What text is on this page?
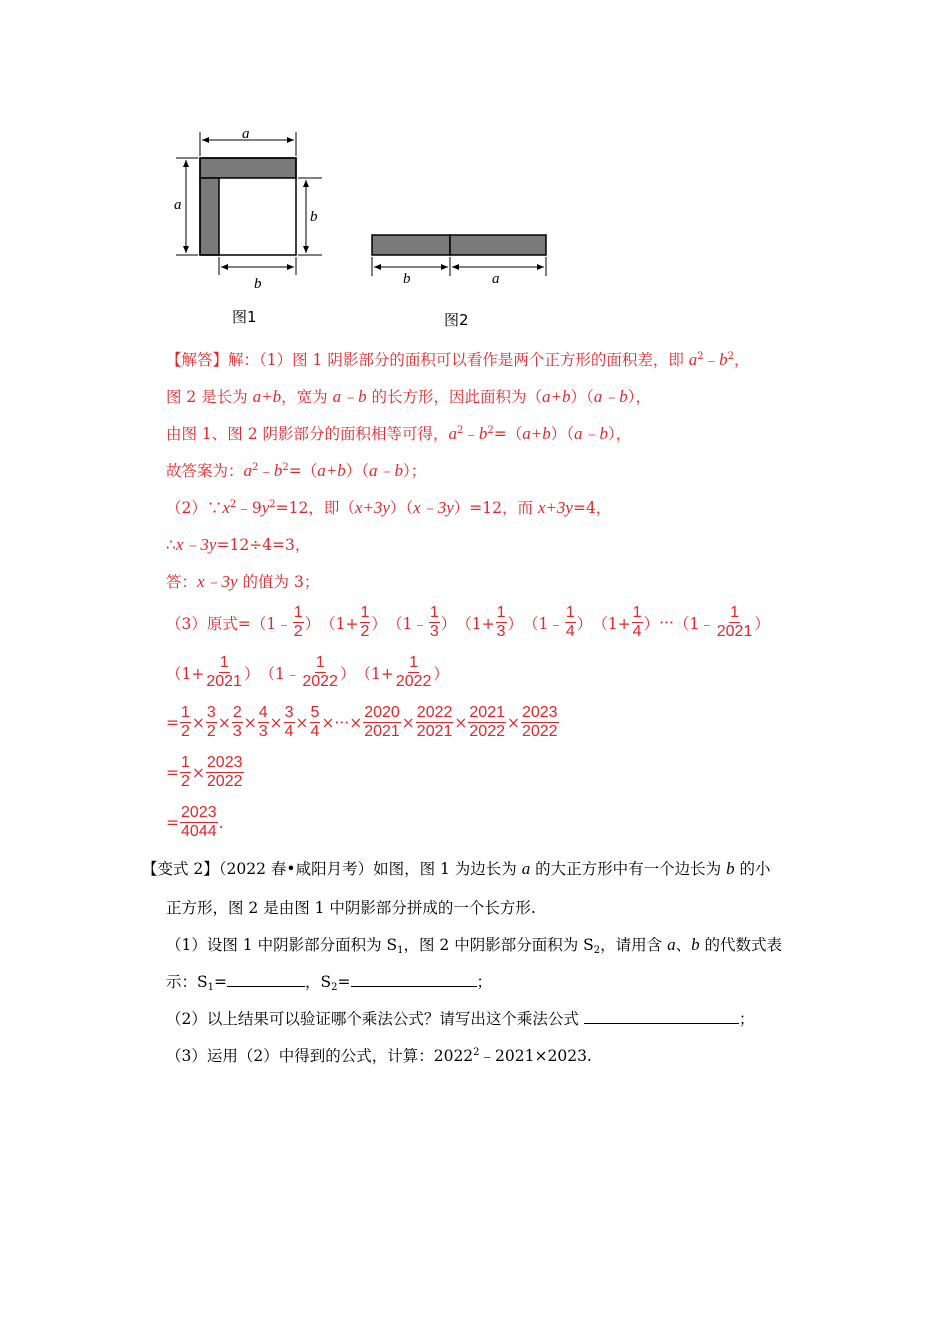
a
a
b
b
图1
b	a
图2
【解答】解：（1）图 1 阴影部分的面积可以看作是两个正方形的面积差，即 $a^2﹣b^2$，
图 2 是长为 a+b，宽为 a﹣b 的长方形，因此面积为（a+b）（a﹣b），
由图 1、图 2 阴影部分的面积相等可得，$a^2﹣b^2=(a+b)(a﹣b)$，
故答案为：$a^2﹣b^2=(a+b)(a﹣b)$；
$(2)\because x^2﹣9y^2=12$，即（x+3y）（x﹣3y）=12，而 x+3y=4，
∴x﹣3y=12÷4=3，
答：x﹣3y 的值为 3；
（3）原式= （1﹣ $\frac{1}{2}$ ） （$1+ \frac{1}{2}$ ） （1﹣ $\frac{1}{3}$ ） （$1+ \frac{1}{3}$ ） （1﹣ $\frac{1}{4}$ ） （$1+ \frac{1}{4}$ ） ··· （1﹣ $\frac{1}{2021}$ ）
（$1+ \frac{1}{2021}$ ） （1﹣ $\frac{1}{2022}$ ） （$1+ \frac{1}{2022}$ ）
= $\frac{1}{2} \times \frac{3}{2} \times \frac{2}{3} \times \frac{4}{3} \times \frac{3}{4} \times \frac{5}{4}$ ×···× $\frac{2020}{2021} \times \frac{2022}{2021} \times \frac{2021}{2022} \times \frac{2023}{2022}$
= $\frac{1}{2} \times \frac{2023}{2022}$
= $\frac{2023}{4044}$ .
【变式 2】（2022 春•咸阳月考）如图，图 1 为边长为 a 的大正方形中有一个边长为 b 的小
正方形，图 2 是由图 1 中阴影部分拼成的一个长方形.
（1）设图 1 中阴影部分面积为 $S_1$，图 2 中阴影部分面积为 $S_2$，请用含 a、b 的代数式表
示：$S_1=$	，$S_2=$	；
（2）以上结果可以验证哪个乘法公式？请写出这个乘法公式	；
（3）运用（2）中得到的公式，计算：$2022^2﹣2021\times 2023$.
